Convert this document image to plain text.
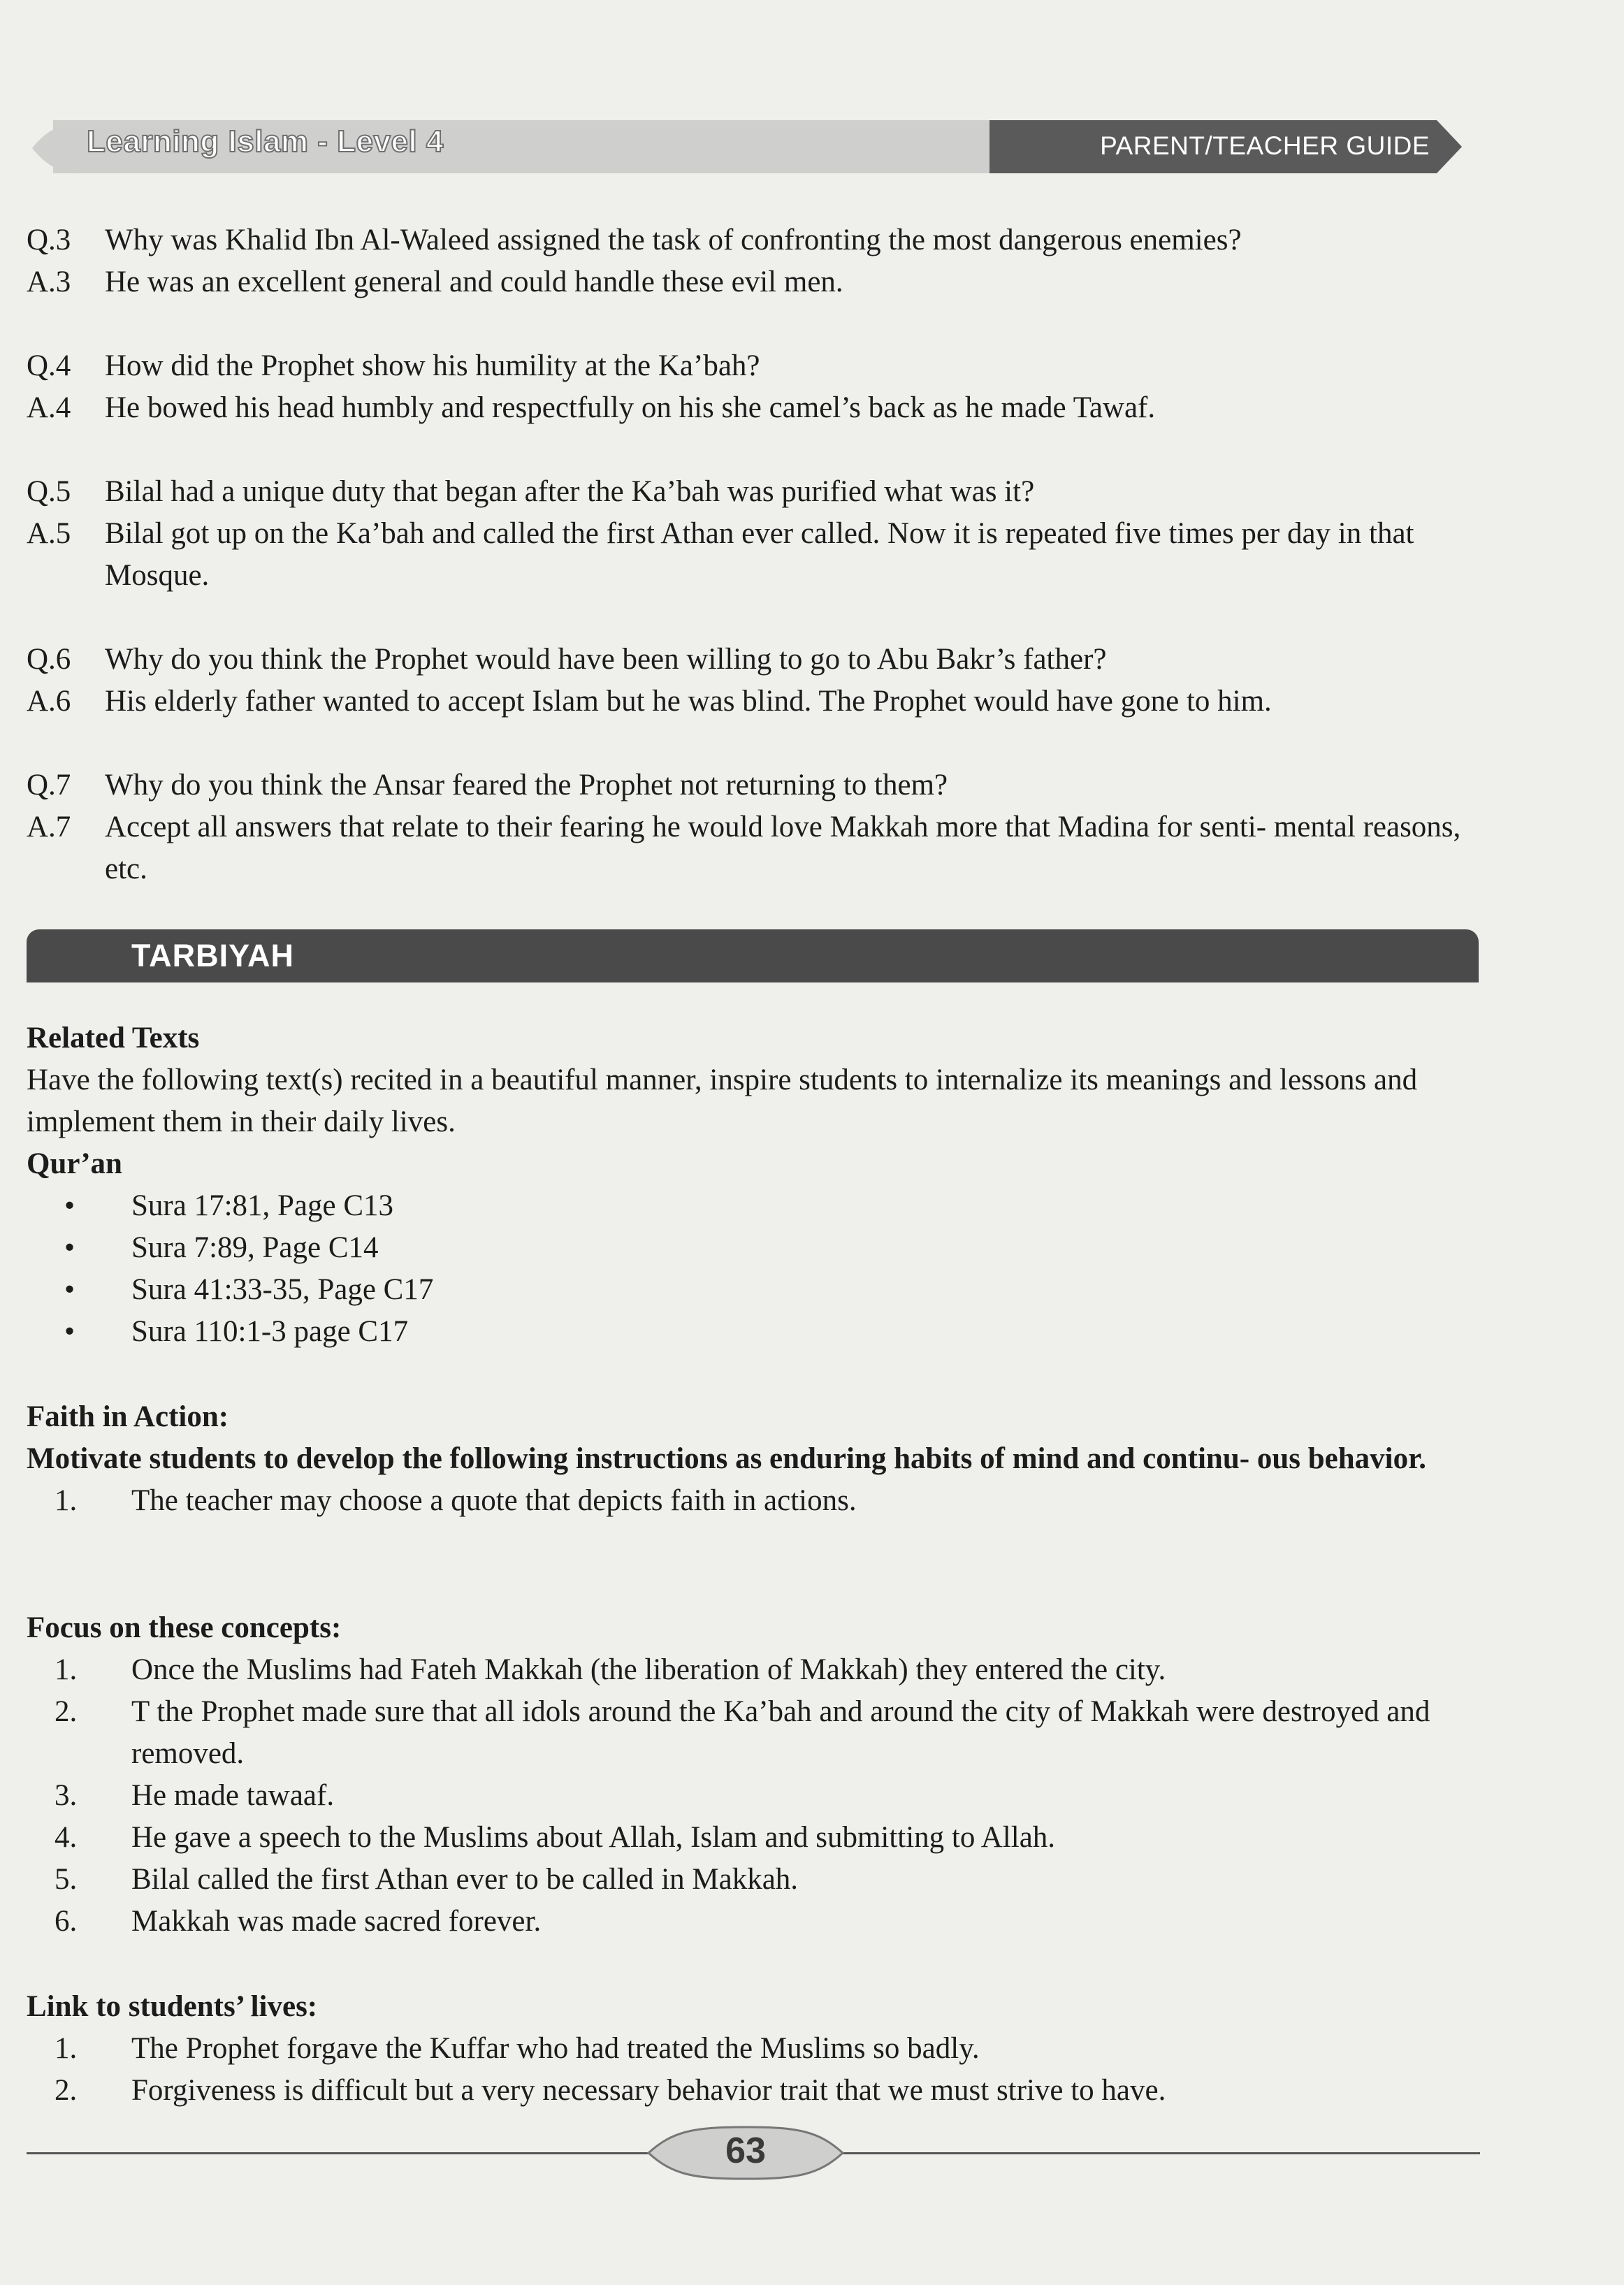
Learning Islam - Level 4	PARENT/TEACHER GUIDE
Q.3	Why was Khalid Ibn Al-Waleed assigned the task of confronting the most dangerous enemies?
A.3	He was an excellent general and could handle these evil men.
Q.4	How did the Prophet show his humility at the Ka’bah?
A.4	He bowed his head humbly and respectfully on his she camel’s back as he made Tawaf.
Q.5	Bilal had a unique duty that began after the Ka’bah was purified what was it?
A.5	Bilal got up on the Ka’bah and called the first Athan ever called. Now it is repeated five times per day in that Mosque.
Q.6	Why do you think the Prophet would have been willing to go to Abu Bakr’s father?
A.6	His elderly father wanted to accept Islam but he was blind. The Prophet would have gone to him.
Q.7	Why do you think the Ansar feared the Prophet not returning to them?
A.7	Accept all answers that relate to their fearing he would love Makkah more that Madina for senti- mental reasons, etc.
TARBIYAH
Related Texts
Have the following text(s) recited in a beautiful manner, inspire students to internalize its meanings and lessons and implement them in their daily lives.
Qur’an
•	Sura 17:81, Page C13
•	Sura 7:89, Page C14
•	Sura 41:33-35, Page C17
•	Sura 110:1-3 page C17
Faith in Action:
Motivate students to develop the following instructions as enduring habits of mind and continu- ous behavior.
1.	The teacher may choose a quote that depicts faith in actions.
Focus on these concepts:
1.	Once the Muslims had Fateh Makkah (the liberation of Makkah) they entered the city.
2.	T the Prophet made sure that all idols around the Ka’bah and around the city of Makkah were destroyed and removed.
3.	He made tawaaf.
4.	He gave a speech to the Muslims about Allah, Islam and submitting to Allah.
5.	Bilal called the first Athan ever to be called in Makkah.
6.	Makkah was made sacred forever.
Link to students’ lives:
1.	The Prophet forgave the Kuffar who had treated the Muslims so badly.
2.	Forgiveness is difficult but a very necessary behavior trait that we must strive to have.
63
